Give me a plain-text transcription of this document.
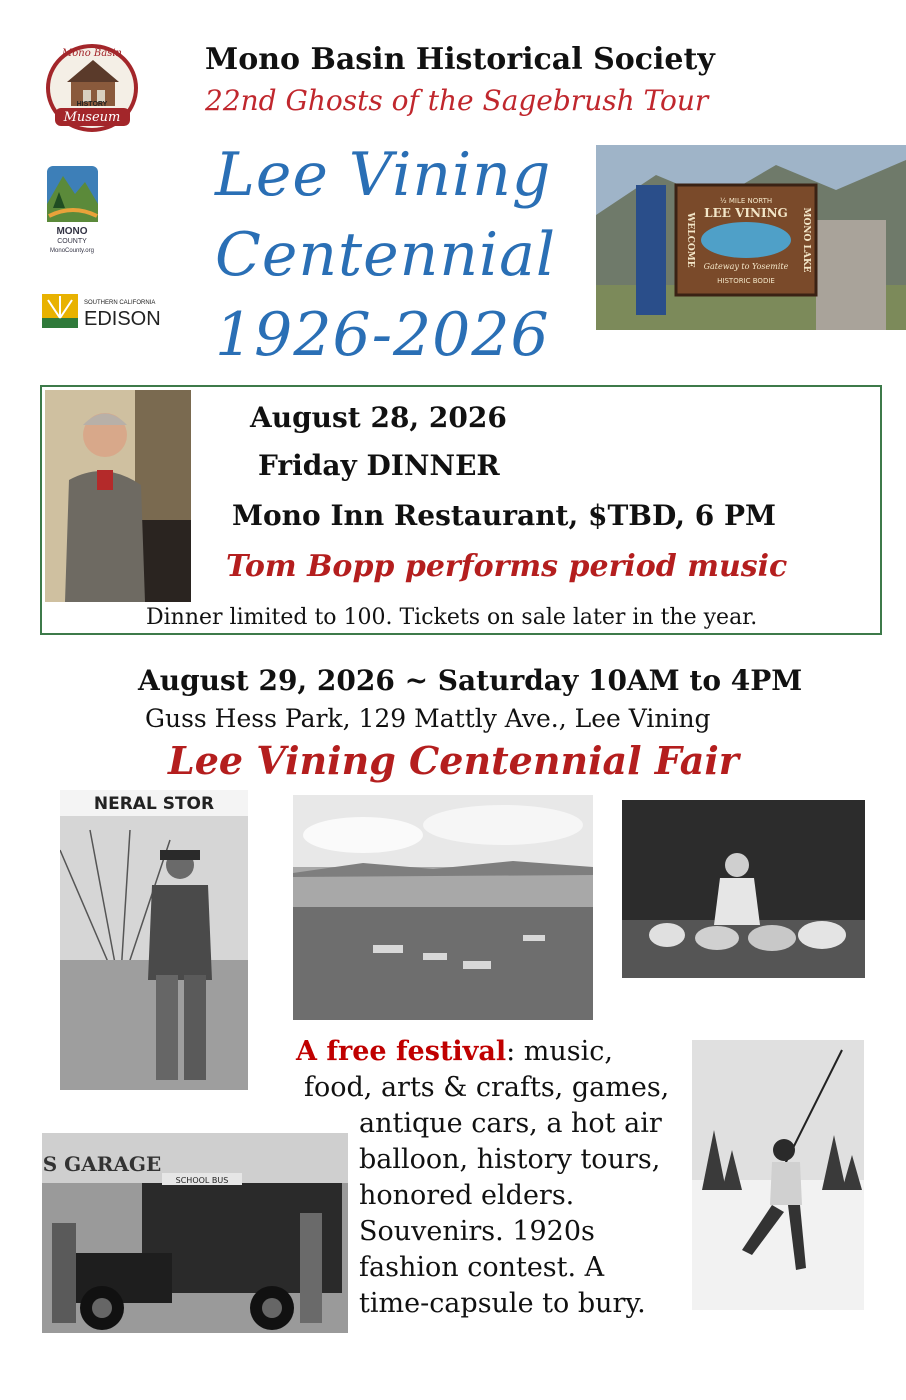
Mono Basin
HISTORY
Museum
MONO
COUNTY
MonoCounty.org
SOUTHERN CALIFORNIA
EDISON
Mono Basin Historical Society
22nd Ghosts of the Sagebrush Tour
Lee Vining
Centennial
1926-2026
½ MILE NORTH
LEE VINING
Gateway to Yosemite
HISTORIC BODIE
WELCOME	MONO LAKE
August 28, 2026
Friday DINNER
Mono Inn Restaurant, $TBD, 6 PM
Tom Bopp performs period music
Dinner limited to 100. Tickets on sale later in the year.
August 29, 2026 ~ Saturday 10AM to 4PM
Guss Hess Park, 129 Mattly Ave., Lee Vining
Lee Vining Centennial Fair
NERAL STOR
S GARAGE
SCHOOL BUS
A free festival: music,
food, arts & crafts, games,
antique cars, a hot air
balloon, history tours,
honored elders.
Souvenirs. 1920s
fashion contest. A
time-capsule to bury.
